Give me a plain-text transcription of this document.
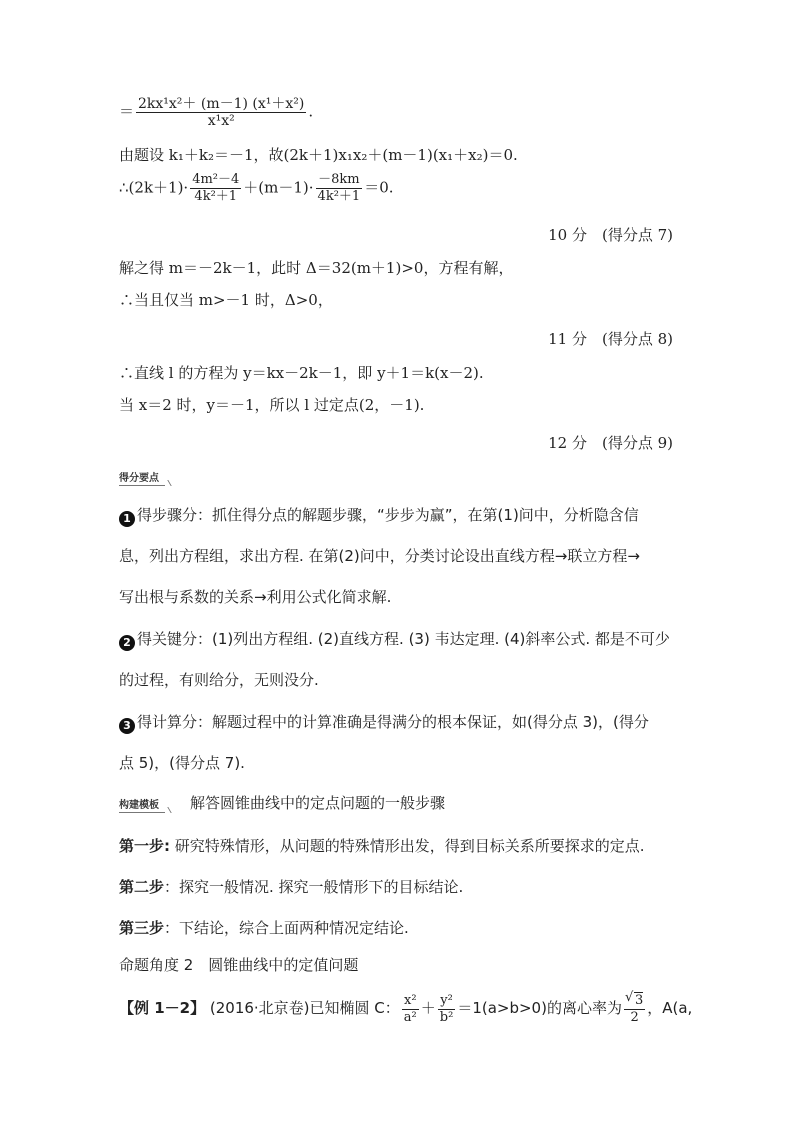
＝ $\frac{\text{2kx¹x²＋ (m－1) (x¹＋x²)}}{\text{x¹x²}}$ .
由题设 k₁＋k₂＝－1，故(2k＋1)x₁x₂＋(m－1)(x₁＋x₂)＝0.
∴(2k＋1)· $\frac{\text{4m²－4}}{\text{4k²＋1}} +(m-1)\cdot \frac{-8km}{\text{4k²＋1}} =0$.
10 分　(得分点 7)
解之得 m＝－2k－1，此时 Δ＝32(m＋1)>0，方程有解，
∴当且仅当 m>－1 时，Δ>0，
11 分　(得分点 8)
∴直线 l 的方程为 y＝kx－2k－1，即 y＋1＝k(x－2).
当 x＝2 时，y＝－1，所以 l 过定点(2，－1).
12 分　(得分点 9)
得分要点
1 得步骤分：抓住得分点的解题步骤，“步步为赢”，在第(1)问中，分析隐含信
息，列出方程组，求出方程. 在第(2)问中，分类讨论设出直线方程→联立方程→
写出根与系数的关系→利用公式化简求解.
2 得关键分：(1)列出方程组. (2)直线方程. (3) 韦达定理. (4)斜率公式. 都是不可少
的过程，有则给分，无则没分.
3 得计算分：解题过程中的计算准确是得满分的根本保证，如(得分点 3)，(得分
点 5)，(得分点 7).
构建模板	解答圆锥曲线中的定点问题的一般步骤
第一步: 研究特殊情形，从问题的特殊情形出发，得到目标关系所要探求的定点.
第二步：探究一般情况. 探究一般情形下的目标结论.
第三步：下结论，综合上面两种情况定结论.
命题角度 2　圆锥曲线中的定值问题
【例 1－2】 (2016·北京卷)已知椭圆 C： $\frac{\text{x²}}{\text{a²}} + \frac{\text{y²}}{\text{b²}} =1(a>b>0)$的离心率为
√ $\frac{3}{2}$ ，A(a,
